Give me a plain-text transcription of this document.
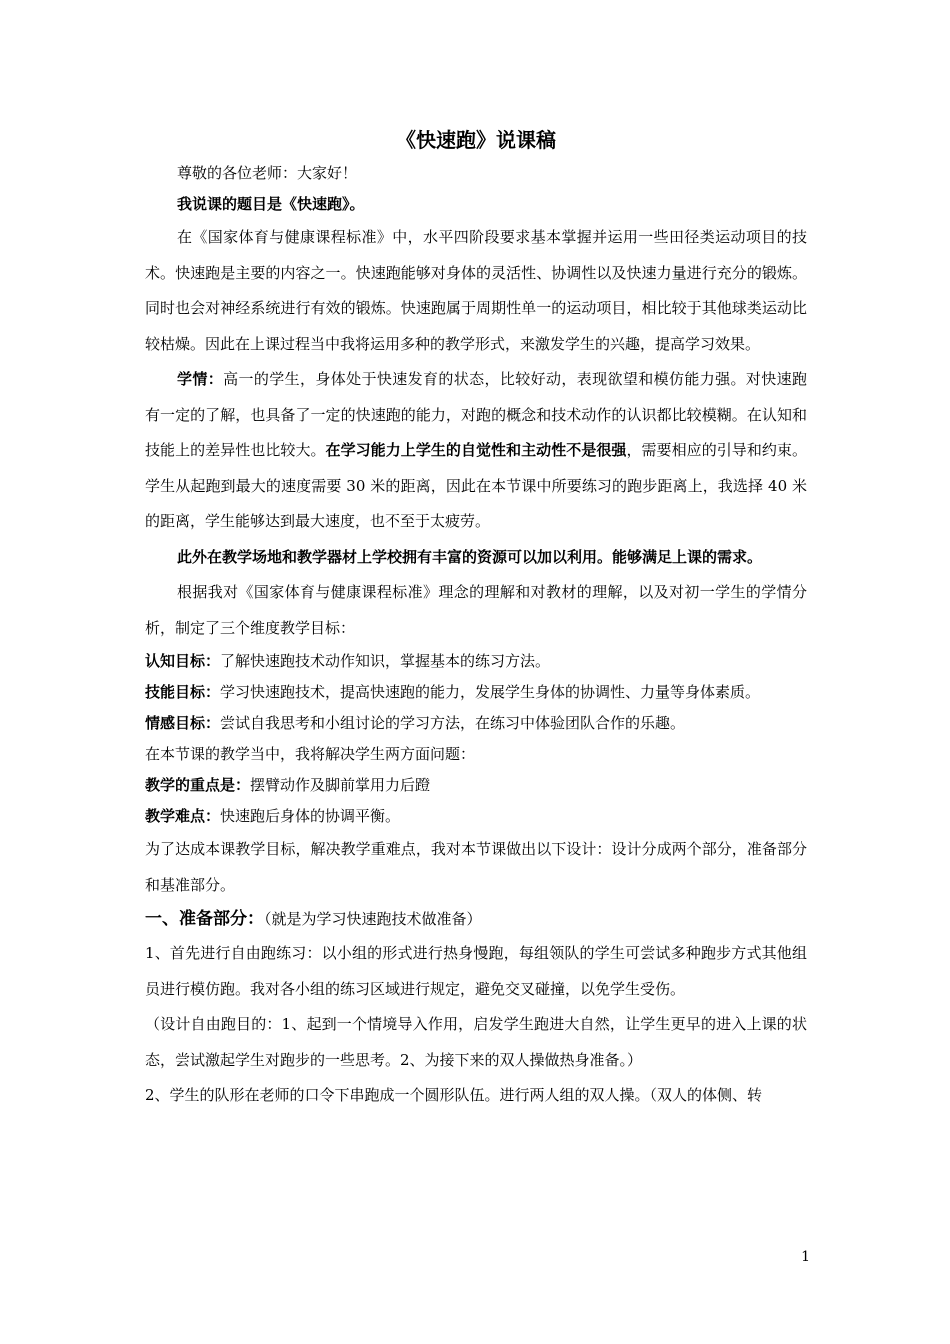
《快速跑》说课稿

尊敬的各位老师：大家好！

我说课的题目是《快速跑》。

在《国家体育与健康课程标准》中，水平四阶段要求基本掌握并运用一些田径类运动项目的技术。快速跑是主要的内容之一。快速跑能够对身体的灵活性、协调性以及快速力量进行充分的锻炼。同时也会对神经系统进行有效的锻炼。快速跑属于周期性单一的运动项目，相比较于其他球类运动比较枯燥。因此在上课过程当中我将运用多种的教学形式，来激发学生的兴趣，提高学习效果。

学情：高一的学生，身体处于快速发育的状态，比较好动，表现欲望和模仿能力强。对快速跑有一定的了解，也具备了一定的快速跑的能力，对跑的概念和技术动作的认识都比较模糊。在认知和技能上的差异性也比较大。在学习能力上学生的自觉性和主动性不是很强，需要相应的引导和约束。学生从起跑到最大的速度需要 30 米的距离，因此在本节课中所要练习的跑步距离上，我选择 40 米的距离，学生能够达到最大速度，也不至于太疲劳。

此外在教学场地和教学器材上学校拥有丰富的资源可以加以利用。能够满足上课的需求。

根据我对《国家体育与健康课程标准》理念的理解和对教材的理解，以及对初一学生的学情分析，制定了三个维度教学目标：

认知目标：了解快速跑技术动作知识，掌握基本的练习方法。

技能目标：学习快速跑技术，提高快速跑的能力，发展学生身体的协调性、力量等身体素质。

情感目标：尝试自我思考和小组讨论的学习方法，在练习中体验团队合作的乐趣。

在本节课的教学当中，我将解决学生两方面问题：

教学的重点是：摆臂动作及脚前掌用力后蹬

教学难点：快速跑后身体的协调平衡。

为了达成本课教学目标，解决教学重难点，我对本节课做出以下设计：设计分成两个部分，准备部分和基准部分。

一、准备部分：（就是为学习快速跑技术做准备）

1、首先进行自由跑练习：以小组的形式进行热身慢跑，每组领队的学生可尝试多种跑步方式其他组员进行模仿跑。我对各小组的练习区域进行规定，避免交叉碰撞，以免学生受伤。

（设计自由跑目的：1、起到一个情境导入作用，启发学生跑进大自然，让学生更早的进入上课的状态，尝试激起学生对跑步的一些思考。2、为接下来的双人操做热身准备。）

2、学生的队形在老师的口令下串跑成一个圆形队伍。进行两人组的双人操。（双人的体侧、转

1
